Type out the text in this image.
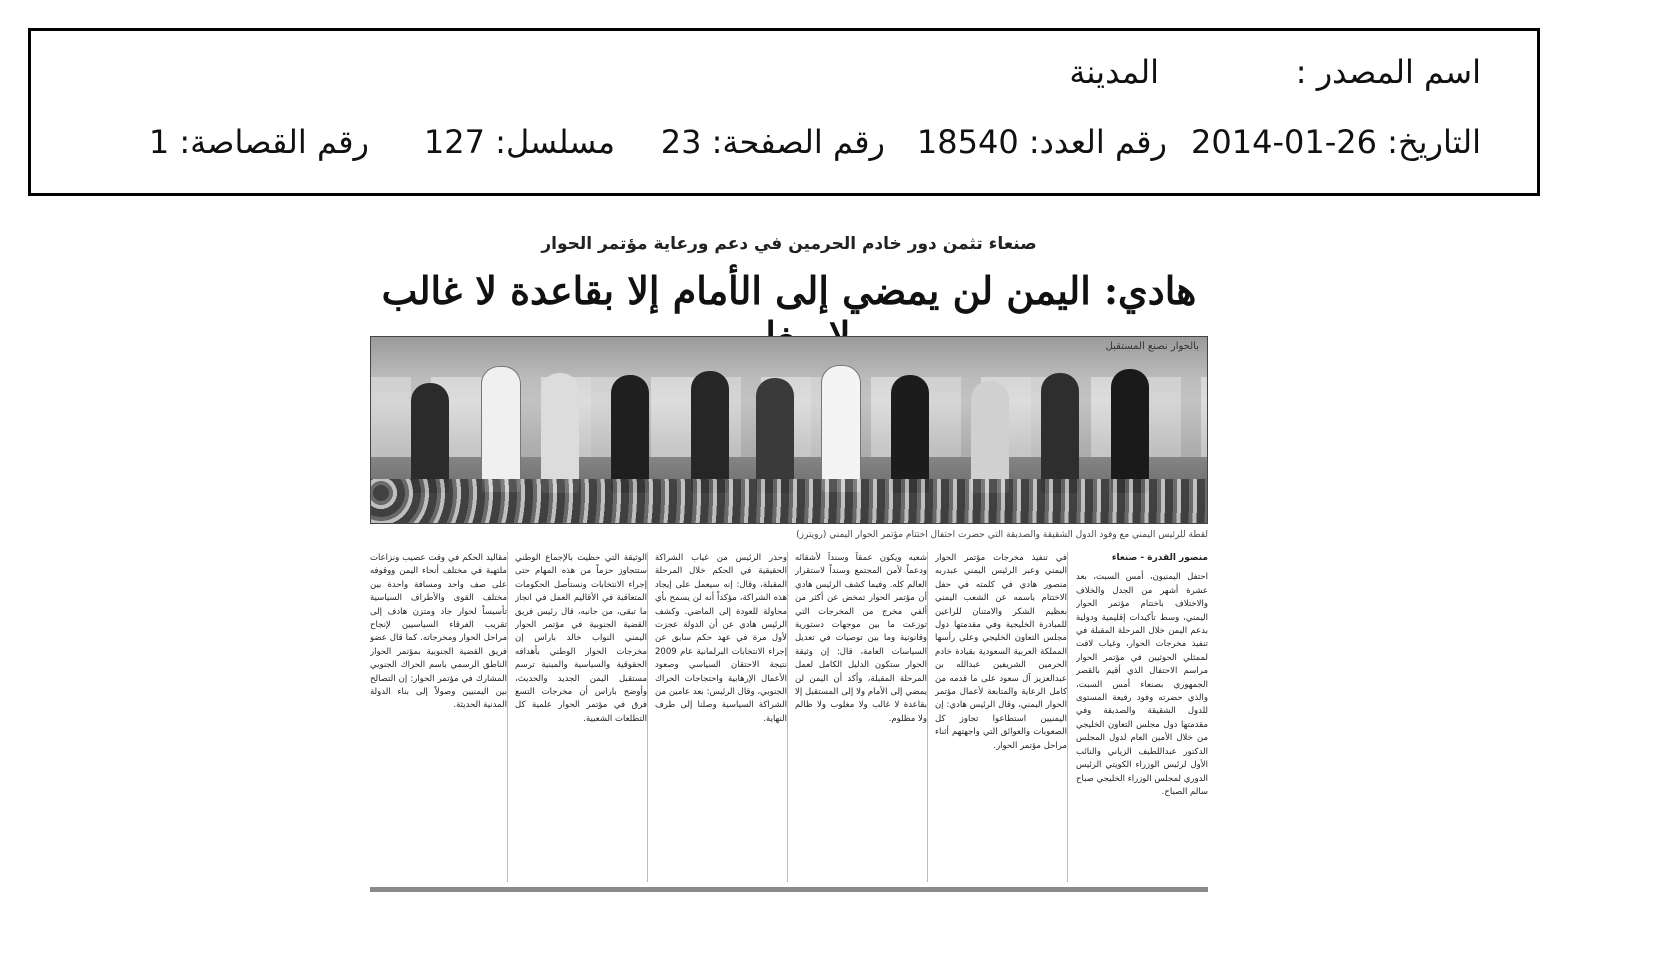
اسم المصدر :
المدينة
التاريخ: 26-01-2014
رقم العدد: 18540
رقم الصفحة: 23
مسلسل: 127
رقم القصاصة: 1
صنعاء تثمن دور خادم الحرمين في دعم ورعاية مؤتمر الحوار
هادي: اليمن لن يمضي إلى الأمام إلا بقاعدة لا غالب
بالحوار نصنع المستقبل
لقطة للرئيس اليمني مع وفود الدول الشقيقة والصديقة التي حضرت احتفال اختتام مؤتمر الحوار اليمني (رويترز)
منصور القدرة - صنعاء

احتفل اليمنيون، أمس السبت، بعد عشرة أشهر من الجدل والخلاف والاختلاف باختتام مؤتمر الحوار اليمني، وسط تأكيدات إقليمية ودولية بدعم اليمن خلال المرحلة المقبلة في تنفيذ مخرجات الحوار، وغياب لافت لممثلي الحوثيين في مؤتمر الحوار مراسم الاحتفال الذي أقيم بالقصر الجمهوري بصنعاء أمس السبت، والذي حضرته وفود رفيعة المستوى للدول الشقيقة والصديقة وفي مقدمتها دول مجلس التعاون الخليجي من خلال الأمين العام لدول المجلس الدكتور عبداللطيف الزياني والنائب الأول لرئيس الوزراء الكويتي الرئيس الدوري لمجلس الوزراء الخليجي صباح سالم الصباح.

في تنفيذ مخرجات مؤتمر الحوار اليمني وعبر الرئيس اليمني عبدربه منصور هادي في كلمته في حفل الاختتام باسمه عن الشعب اليمني بعظيم الشكر والامتنان للراعين للمبادرة الخليجية وفي مقدمتها دول مجلس التعاون الخليجي وعلى رأسها المملكة العربية السعودية بقيادة خادم الحرمين الشريفين عبدالله بن عبدالعزيز آل سعود على ما قدمه من كامل الرعاية والمتابعة لأعمال مؤتمر الحوار اليمني، وقال الرئيس هادي: إن اليمنيين استطاعوا تجاوز كل الصعوبات والعوائق التي واجهتهم أثناء مراحل مؤتمر الحوار.

شعبه ويكون عمقاً وسنداً لأشقائه ودعماً لأمن المجتمع وسنداً لاستقرار العالم كله. وفيما كشف الرئيس هادي أن مؤتمر الحوار تمخض عن أكثر من ألفي مخرج من المخرجات التي توزعت ما بين موجهات دستورية وقانونية وما بين توصيات في تعديل السياسات العامة، قال: إن وثيقة الحوار ستكون الدليل الكامل لعمل المرحلة المقبلة، وأكد أن اليمن لن يمضي إلى الأمام ولا إلى المستقبل إلا بقاعدة لا غالب ولا مغلوب ولا ظالم ولا مظلوم.

وحذر الرئيس من غياب الشراكة الحقيقية في الحكم خلال المرحلة المقبلة، وقال: إنه سيعمل على إيجاد هذه الشراكة، مؤكداً أنه لن يسمح بأي محاولة للعودة إلى الماضي. وكشف الرئيس هادي عن أن الدولة عجزت لأول مرة في عهد حكم سابق عن إجراء الانتخابات البرلمانية عام 2009 نتيجة الاحتقان السياسي وصعود الأعمال الإرهابية واحتجاجات الحراك الجنوبي، وقال الرئيس: بعد عامين من الشراكة السياسية وصلنا إلى طرف النهاية.

الوثيقة التي حظيت بالإجماع الوطني ستتجاوز حزماً من هذه المهام حتى إجراء الانتخابات ونستأصل الحكومات المتعاقبة في الأقاليم العمل في انجاز ما تبقى، من جانبه، قال رئيس فريق القضية الجنوبية في مؤتمر الحوار اليمني النواب خالد باراس إن مخرجات الحوار الوطني بأهدافه الحقوقية والسياسية والمبنية ترسم مستقبل اليمن الجديد والحديث، وأوضح باراس أن مخرجات التسع فرق في مؤتمر الحوار علمية كل التطلعات الشعبية.

مقاليد الحكم في وقت عصيب ونزاعات ملتهبة في مختلف أنحاء اليمن ووقوفه على صف واحد ومسافة واحدة بين مختلف القوى والأطراف السياسية تأسيساً لحوار جاد ومتزن هادف إلى تقريب الفرقاء السياسيين لإنجاح مراحل الحوار ومخرجاته. كما قال عضو فريق القضية الجنوبية بمؤتمر الحوار الناطق الرسمي باسم الحراك الجنوبي المشارك في مؤتمر الحوار: إن التصالح بين اليمنيين وصولاً إلى بناء الدولة المدنية الحديثة.
